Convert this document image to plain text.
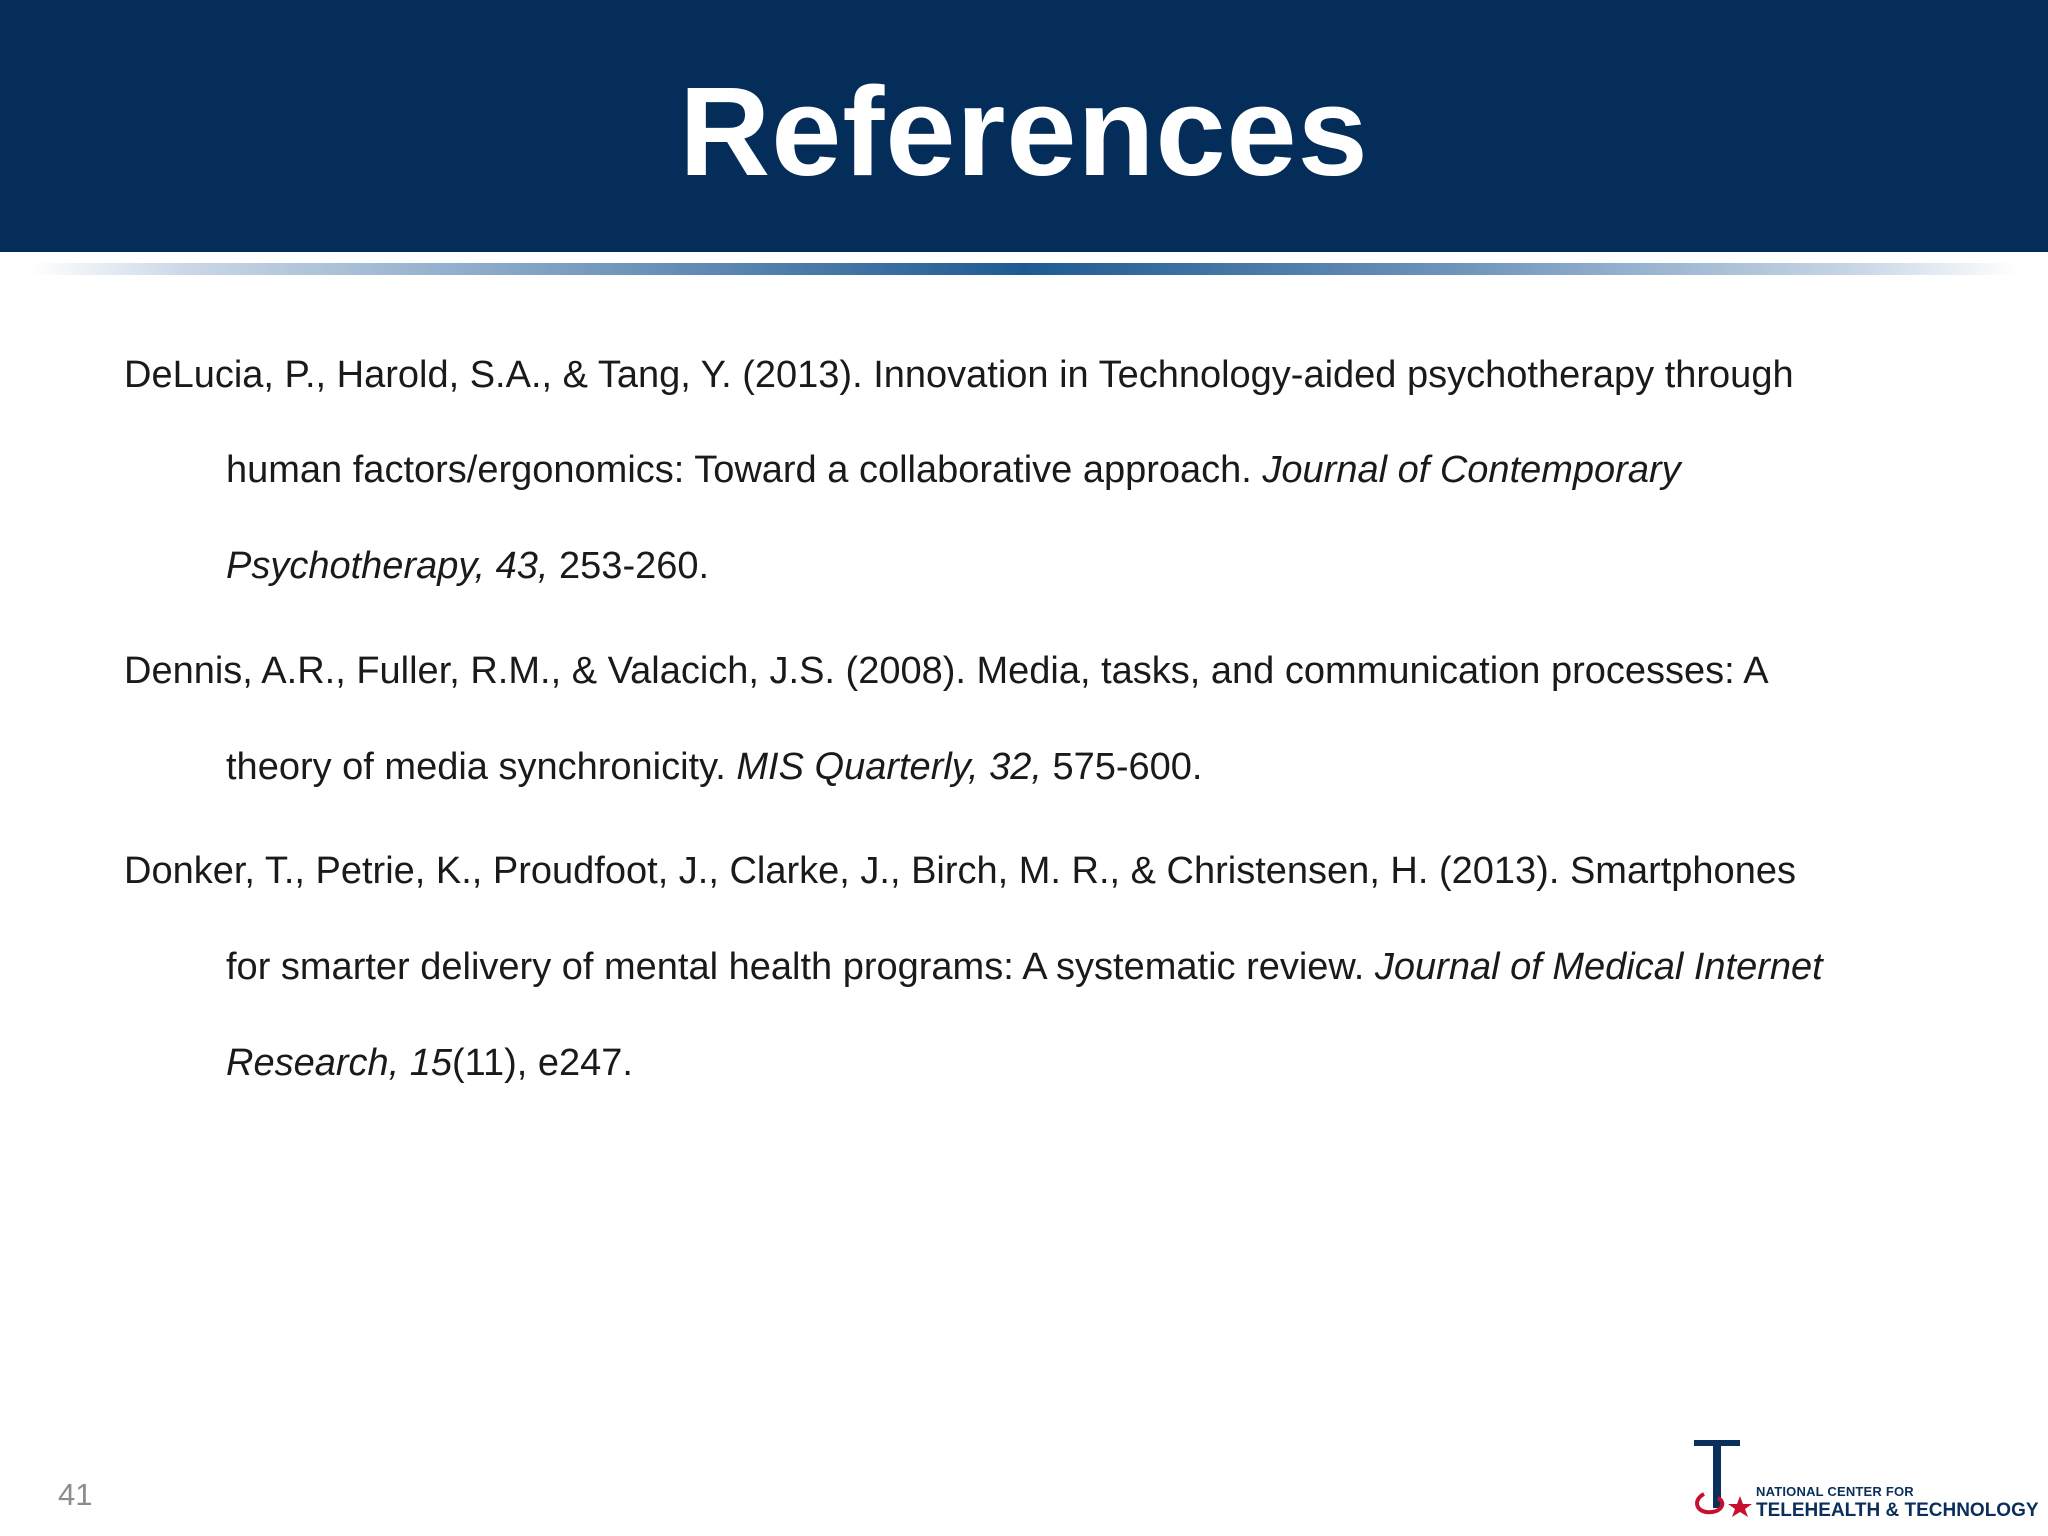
References
DeLucia, P., Harold, S.A., & Tang, Y. (2013). Innovation in Technology-aided psychotherapy through
human factors/ergonomics: Toward a collaborative approach. Journal of Contemporary
Psychotherapy, 43, 253-260.
Dennis, A.R., Fuller, R.M., & Valacich, J.S. (2008). Media, tasks, and communication processes: A
theory of media synchronicity. MIS Quarterly, 32, 575-600.
Donker, T., Petrie, K., Proudfoot, J., Clarke, J., Birch, M. R., & Christensen, H. (2013). Smartphones
for smarter delivery of mental health programs: A systematic review. Journal of Medical Internet
Research, 15(11), e247.
41	NATIONAL CENTER FOR
TELEHEALTH & TECHNOLOGY
